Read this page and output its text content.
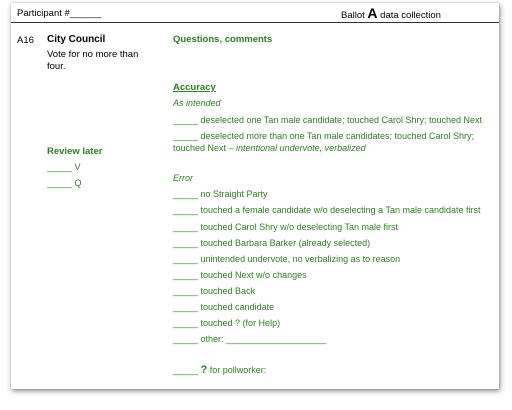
Participant #______	Ballot A data collection
A16 City Council
Vote for no more than four.
Review later
_____ V
_____ Q
Questions, comments
Accuracy
As intended
_____ deselected one Tan male candidate; touched Carol Shry; touched Next
_____ deselected more than one Tan male candidates; touched Carol Shry; touched Next – intentional undervote, verbalized
Error
_____ no Straight Party
_____ touched a female candidate w/o deselecting a Tan male candidate first
_____ touched Carol Shry w/o deselecting Tan male first
_____ touched Barbara Barker (already selected)
_____ unintended undervote, no verbalizing as to reason
_____ touched Next w/o changes
_____ touched Back
_____ touched candidate
_____ touched ? (for Help)
_____ other: ____________________
_____ ? for pollworker:
